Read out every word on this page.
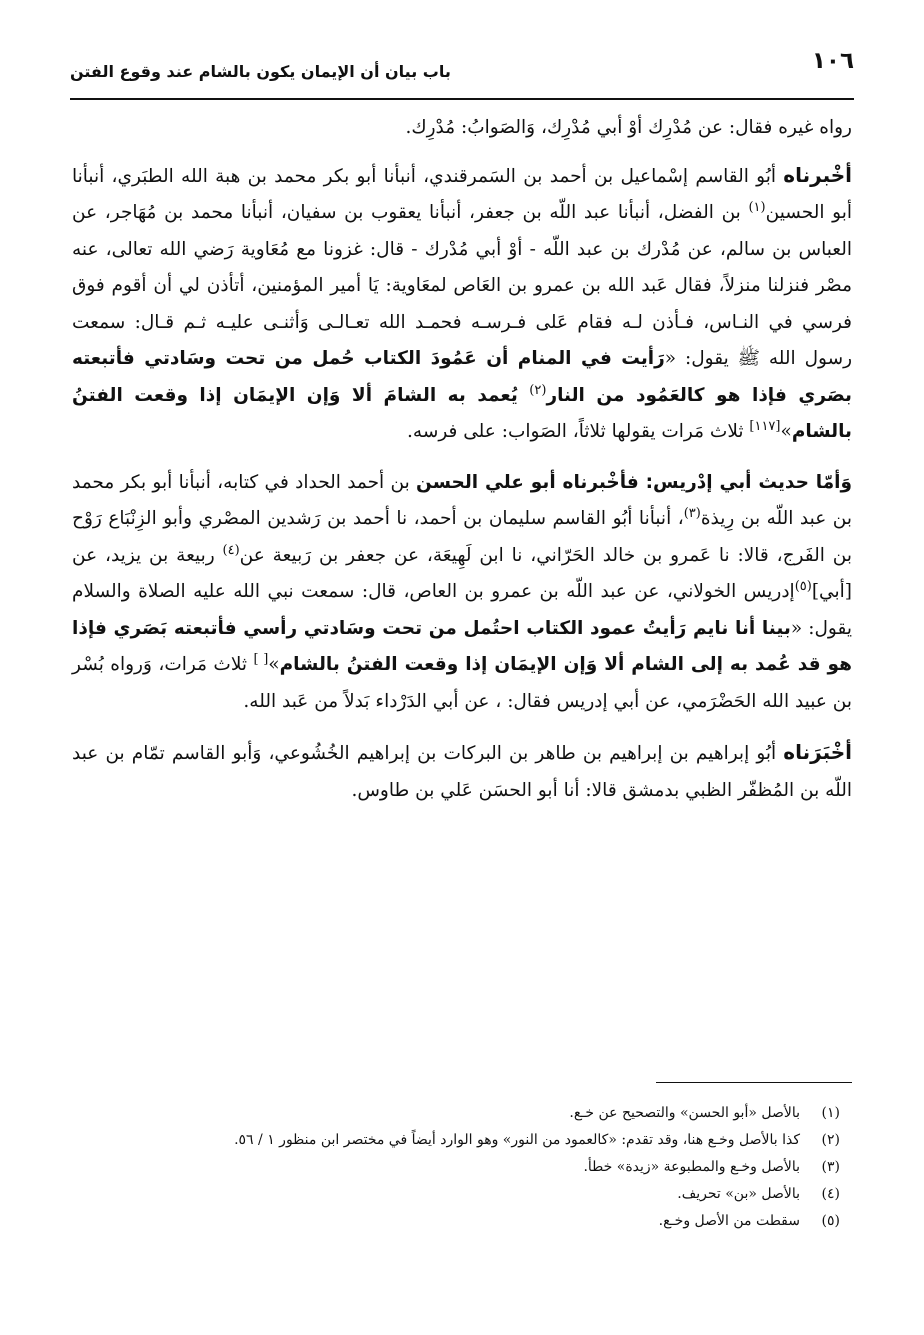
١٠٦
باب بيان أن الإيمان يكون بالشام عند وقوع الفتن

رواه غيره فقال: عن مُدْرِك أوْ أبي مُدْرِك، وَالصَوابُ: مُدْرِك.

أخْبرناه أبُو القاسم إسْماعيل بن أحمد بن السَمرقندي، أنبأنا أبو بكر محمد بن هبة الله الطبَري، أنبأنا أبو الحسين$^{(١)}$ بن الفضل، أنبأنا عبد اللّه بن جعفر، أنبأنا يعقوب بن سفيان، أنبأنا محمد بن مُهَاجر، عن العباس بن سالم، عن مُدْرك بن عبد اللّه - أوْ أبي مُدْرك - قال: غزونا مع مُعَاوية رَضي الله تعالى، عنه مصْر فنزلنا منزلاً، فقال عَبد الله بن عمرو بن العَاص لمعَاوية: يَا أمير المؤمنين، أتأذن لي أن أقوم فوق فرسي في النـاس، فـأذن لـه فقام عَلى فـرسـه فحمـد الله تعـالـى وَأثنـى عليـه ثـم قـال: سمعت رسول الله ﷺ يقول: «رَأيت في المنام أن عَمُودَ الكتاب حُمل من تحت وسَادتي فأتبعته بصَري فإذا هو كالعَمُود من النار$^{(٢)}$ يُعمد به الشامَ ألا وَإن الإيمَان إذا وقعت الفتنُ بالشام»[١١٧] ثلاث مَرات يقولها ثلاثاً، الصَواب: على فرسه.

وَأمّا حديث أبي إدْريس: فأخْبرناه أبو علي الحسن بن أحمد الحداد في كتابه، أنبأنا أبو بكر محمد بن عبد اللّه بن رِيذة$^{(٣)}$، أنبأنا أبُو القاسم سليمان بن أحمد، نا أحمد بن رَشدين المصْري وأبو الزِنْبَاع رَوْح بن الفَرج، قالا: نا عَمرو بن خالد الحَرّاني، نا ابن لَهِيعَة، عن جعفر بن رَبيعة عن$^{(٤)}$ ربيعة بن يزيد، عن [أبي]$^{(٥)}$إدريس الخولاني، عن عبد اللّه بن عمرو بن العاص، قال: سمعت نبي الله عليه الصلاة والسلام يقول: «بينا أنا نايم رَأيتُ عمود الكتاب احتُمل من تحت وسَادتي رأسي فأتبعته بَصَري فإذا هو قد عُمد به إلى الشام ألا وَإن الإيمَان إذا وقعت الفتنُ بالشام»[ ] ثلاث مَرات، وَرواه بُسْر بن عبيد الله الحَضْرَمي، عن أبي إدريس فقال: ، عن أبي الدَرْداء بَدلاً من عَبد الله.

أخْبَرَناه أبُو إبراهيم بن إبراهيم بن طاهر بن البركات بن إبراهيم الخُشُوعي، وَأبو القاسم تمّام بن عبد اللّه بن المُظفّر الظبي بدمشق قالا: أنا أبو الحسَن عَلي بن طاوس.

(١)
بالأصل «أبو الحسن» والتصحيح عن خـع.
(٢)
كذا بالأصل وخـع هنا، وقد تقدم: «كالعمود من النور» وهو الوارد أيضاً في مختصر ابن منظور ١ / ٥٦.
(٣)
بالأصل وخـع والمطبوعة «زيدة» خطأ.
(٤)
بالأصل «بن» تحريف.
(٥)
سقطت من الأصل وخـع.
